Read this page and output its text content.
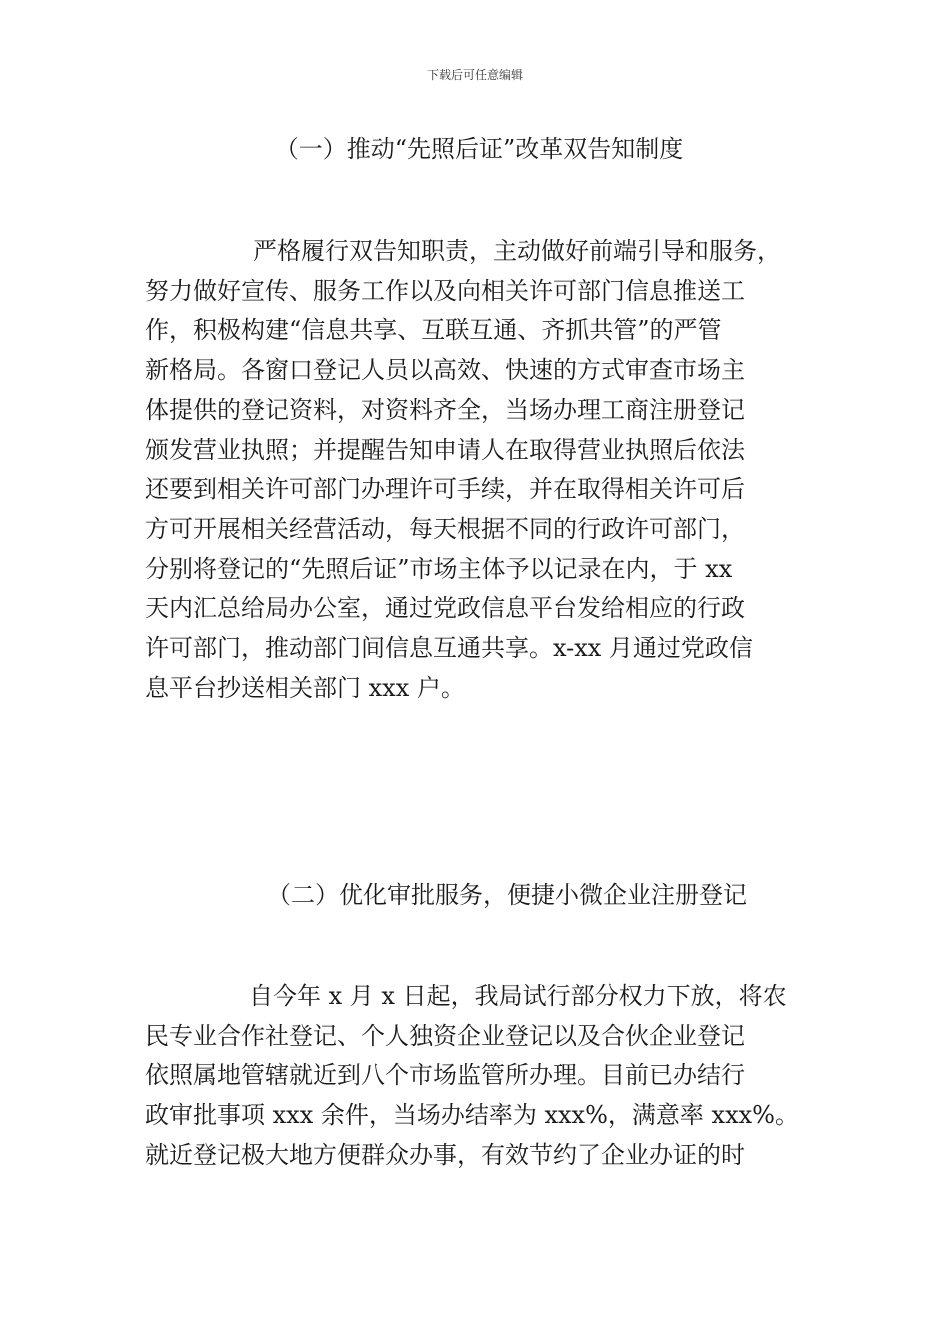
下载后可任意编辑
（一）推动“先照后证”改革双告知制度
严格履行双告知职责，主动做好前端引导和服务，
努力做好宣传、服务工作以及向相关许可部门信息推送工
作，积极构建“信息共享、互联互通、齐抓共管”的严管
新格局。各窗口登记人员以高效、快速的方式审查市场主
体提供的登记资料，对资料齐全，当场办理工商注册登记
颁发营业执照；并提醒告知申请人在取得营业执照后依法
还要到相关许可部门办理许可手续，并在取得相关许可后
方可开展相关经营活动，每天根据不同的行政许可部门，
分别将登记的“先照后证”市场主体予以记录在内，于 xx
天内汇总给局办公室，通过党政信息平台发给相应的行政
许可部门，推动部门间信息互通共享。x-xx 月通过党政信
息平台抄送相关部门 xxx 户。
（二）优化审批服务，便捷小微企业注册登记
自今年 x 月 x 日起，我局试行部分权力下放，将农
民专业合作社登记、个人独资企业登记以及合伙企业登记
依照属地管辖就近到八个市场监管所办理。目前已办结行
政审批事项 xxx 余件，当场办结率为 xxx%，满意率 xxx%。
就近登记极大地方便群众办事，有效节约了企业办证的时
